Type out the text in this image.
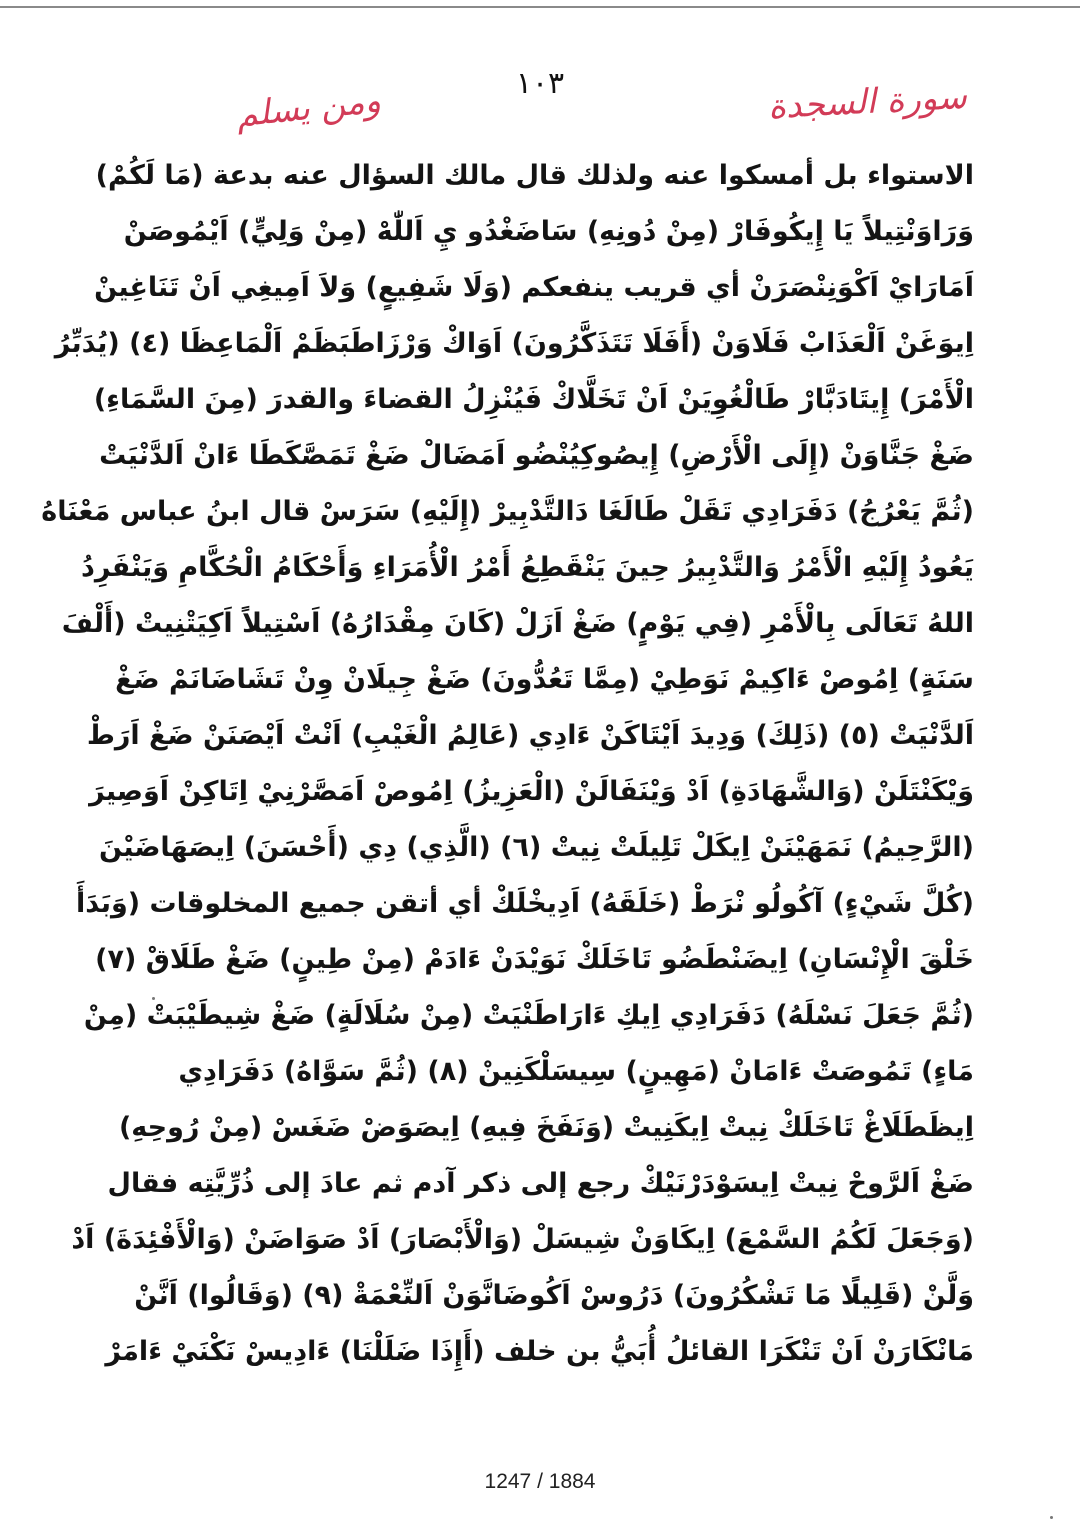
ومن يسلم	١٠٣	سورة السجدة
الاستواء بل أمسكوا عنه ولذلك قال مالك السؤال عنه بدعة (مَا لَكُمْ)
وَرَاوَنْتِيلاً يَا إِيكُوفَارْ (مِنْ دُونِهِ) سَاضَغْدُو يِ اَللّٰهْ (مِنْ وَلِيٍّ) اَيْمُوصَنْ
اَمَارَايْ اَكْوَنِنْصَرَنْ أي قريب ينفعكم (وَلَا شَفِيعٍ) وَلاَ اَمِيغِي اَنْ تَنَاغِينْ
اِيوَغَنْ اَلْعَذَابْ فَلَاوَنْ (أَفَلَا تَتَذَكَّرُونَ) اَوَاكْ وَرْزَاطَبَظَمْ اَلْمَاعِظَا (٤) (يُدَبِّرُ
الْأَمْرَ) إِيتَادَبَّارْ طَالْغُوِيَنْ اَنْ تَخَلَّاكْ فَيُنْزِلُ القضاءَ والقدرَ (مِنَ السَّمَاءِ)
ضَغْ جَنَّاوَنْ (إِلَى الْأَرْضِ) إِيصُوكِيُنْضُو اَمَضَالْ ضَغْ تَمَصَّكَطَا ءَانْ اَلدَّنْيَتْ
(ثُمَّ يَعْرُجُ) دَفَرَادِي تَقَلْ طَالَغَا دَالتَّدْبِيرْ (إِلَيْهِ) سَرَسْ قال ابنُ عباس مَعْنَاهُ
يَعُودُ إِلَيْهِ الْأَمْرُ وَالتَّدْبِيرُ حِينَ يَنْقَطِعُ أَمْرُ الْأُمَرَاءِ وَأَحْكَامُ الْحُكَّامِ وَيَنْفَرِدُ
اللهُ تَعَالَى بِالْأَمْرِ (فِي يَوْمٍ) ضَغْ اَزَلْ (كَانَ مِقْدَارُهُ) اَسْتِيلاً اَكِيَتْنِيتْ (أَلْفَ
سَنَةٍ) اِمُوصْ ءَاكِيمْ نَوَطِيْ (مِمَّا تَعُدُّونَ) ضَغْ جِيلَانْ وِنْ تَشَاضَانَمْ ضَغْ
اَلدَّنْيَتْ (٥) (ذَلِكَ) وَدِيدَ اَيْتَاكَنْ ءَادِي (عَالِمُ الْغَيْبِ) اَنْتْ اَيْصَنَنْ ضَغْ اَرَطْ
وَيْكَنْتَلَنْ (وَالشَّهَادَةِ) اَدْ وَيْنَفَالَنْ (الْعَزِيزُ) اِمُوصْ اَمَصَّرْنِيْ اِتَاكِنْ اَوَصِيرَ
(الرَّحِيمُ) نَمَهَيْنَنْ اِيكَلْ تَلِيلَتْ نِيتْ (٦) (الَّذِي) دِي (أَحْسَنَ) اِيصَهَاضَيْنَ
(كُلَّ شَيْءٍ) آكُولُو نْرَطْ (خَلَقَهُ) اَدِيخْلَكْ أي أتقن جميع المخلوقات (وَبَدَأَ
خَلْقَ الْإِنْسَانِ) اِيضَنْطَضُو تَاخَلَكْ نَوَيْدَنْ ءَادَمْ (مِنْ طِينٍ) ضَغْ طَلَاقْ (٧)
(ثُمَّ جَعَلَ نَسْلَهُ) دَفَرَادِي اِيكِ ءَارَاطَنْيَتْ (مِنْ سُلَالَةٍ) ضَغْ شِيطَيْبَتْ (مِنْ
مَاءٍ) تَمُوصَتْ ءَامَانْ (مَهِينٍ) سِيسَلْكَنِينْ (٨) (ثُمَّ سَوَّاهُ) دَفَرَادِي
اِيظَطَلَاغْ تَاخَلَكْ نِيتْ اِيكَنِيتْ (وَنَفَخَ فِيهِ) اِيصَوَضْ ضَغَسْ (مِنْ رُوحِهِ)
ضَغْ اَلرَّوحْ نِيتْ اِيسَوْدَرْنَيْكْ رجع إلى ذكر آدم ثم عادَ إلى ذُرِّيَّتِه فقال
(وَجَعَلَ لَكُمُ السَّمْعَ) اِيكَاوَنْ شِيسَلْ (وَالْأَبْصَارَ) اَدْ صَوَاضَنْ (وَالْأَفْئِدَةَ) اَدْ
وَلَّنْ (قَلِيلًا مَا تَشْكُرُونَ) دَرُوسْ اَكُوضَانَّوَنْ اَلنِّعْمَةْ (٩) (وَقَالُوا) اَنَّنْ
مَانْكَارَنْ اَنْ تَنْكَرَا القائلُ أُبَيُّ بن خلف (أَإِذَا ضَلَلْنَا) ءَادِيسْ نَكْنَيْ ءَامَرْ
1247 / 1884
